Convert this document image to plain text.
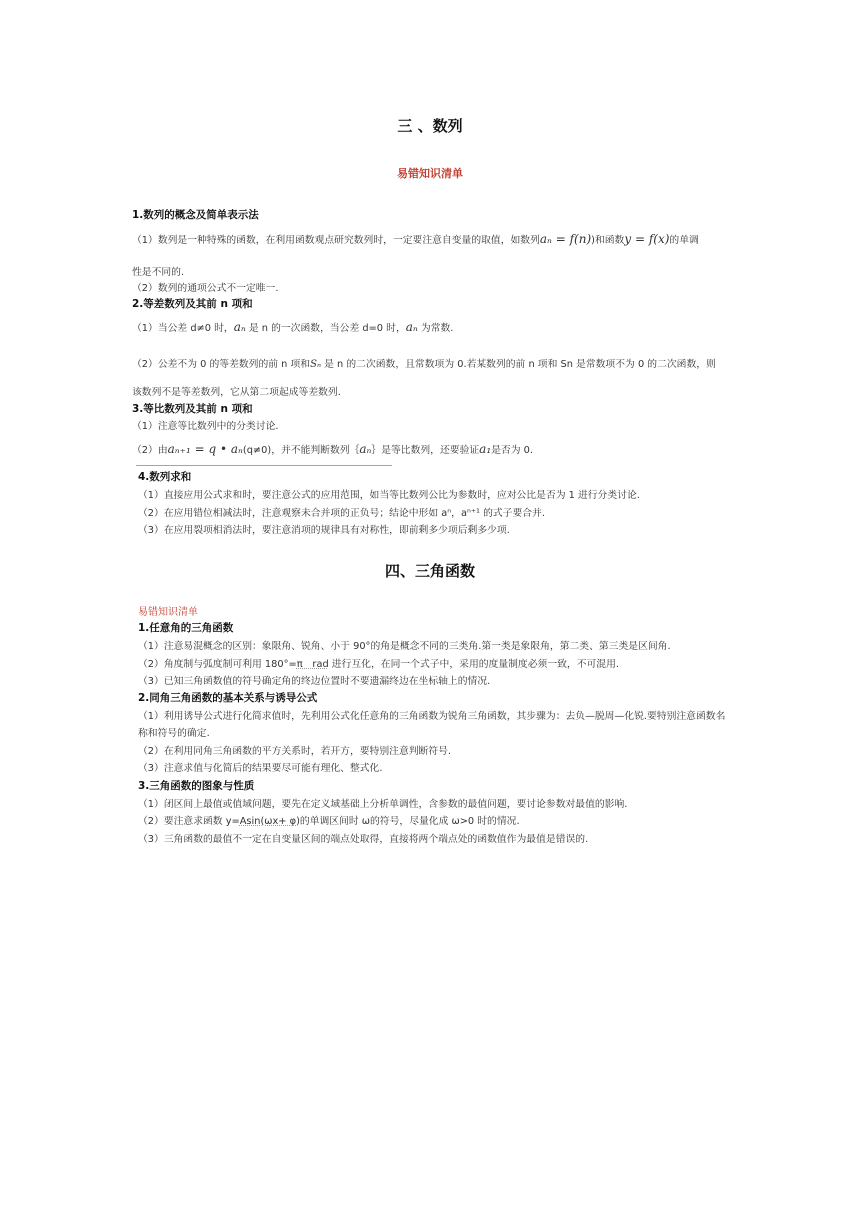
三 、数列
易错知识清单
1.数列的概念及简单表示法
（1）数列是一种特殊的函数，在利用函数观点研究数列时，一定要注意自变量的取值，如数列aₙ = f(n))和函数y = f(x)的单调
性是不同的.
（2）数列的通项公式不一定唯一.
2.等差数列及其前 n 项和
（1）当公差 d≠0 时，aₙ 是 n 的一次函数，当公差 d=0 时，aₙ 为常数.
（2）公差不为 0 的等差数列的前 n 项和Sₙ 是 n 的二次函数，且常数项为 0.若某数列的前 n 项和 Sn 是常数项不为 0 的二次函数，则
该数列不是等差数列，它从第二项起成等差数列.
3.等比数列及其前 n 项和
（1）注意等比数列中的分类讨论.
（2）由aₙ₊₁ = q • aₙ(q≠0)，并不能判断数列｛aₙ｝是等比数列，还要验证a₁是否为 0.
4.数列求和
（1）直接应用公式求和时，要注意公式的应用范围，如当等比数列公比为参数时，应对公比是否为 1 进行分类讨论.
（2）在应用错位相减法时，注意观察未合并项的正负号；结论中形如 aⁿ，aⁿ⁺¹ 的式子要合并.
（3）在应用裂项相消法时，要注意消项的规律具有对称性，即前剩多少项后剩多少项.
四、三角函数
易错知识清单
1.任意角的三角函数
（1）注意易混概念的区别：象限角、锐角、小于 90°的角是概念不同的三类角.第一类是象限角，第二类、第三类是区间角.
（2）角度制与弧度制可利用 180°=π　rad 进行互化，在同一个式子中，采用的度量制度必须一致，不可混用.
（3）已知三角函数值的符号确定角的终边位置时不要遗漏终边在坐标轴上的情况.
2.同角三角函数的基本关系与诱导公式
（1）利用诱导公式进行化简求值时，先利用公式化任意角的三角函数为锐角三角函数，其步骤为：去负—脱周—化锐.要特别注意函数名称和符号的确定.
（2）在利用同角三角函数的平方关系时，若开方，要特别注意判断符号.
（3）注意求值与化简后的结果要尽可能有理化、整式化.
3.三角函数的图象与性质
（1）闭区间上最值或值域问题，要先在定义域基础上分析单调性，含参数的最值问题，要讨论参数对最值的影响.
（2）要注意求函数 y=Asin(ωx+ φ)的单调区间时 ω的符号，尽量化成 ω>0 时的情况.
（3）三角函数的最值不一定在自变量区间的端点处取得，直接将两个端点处的函数值作为最值是错误的.
